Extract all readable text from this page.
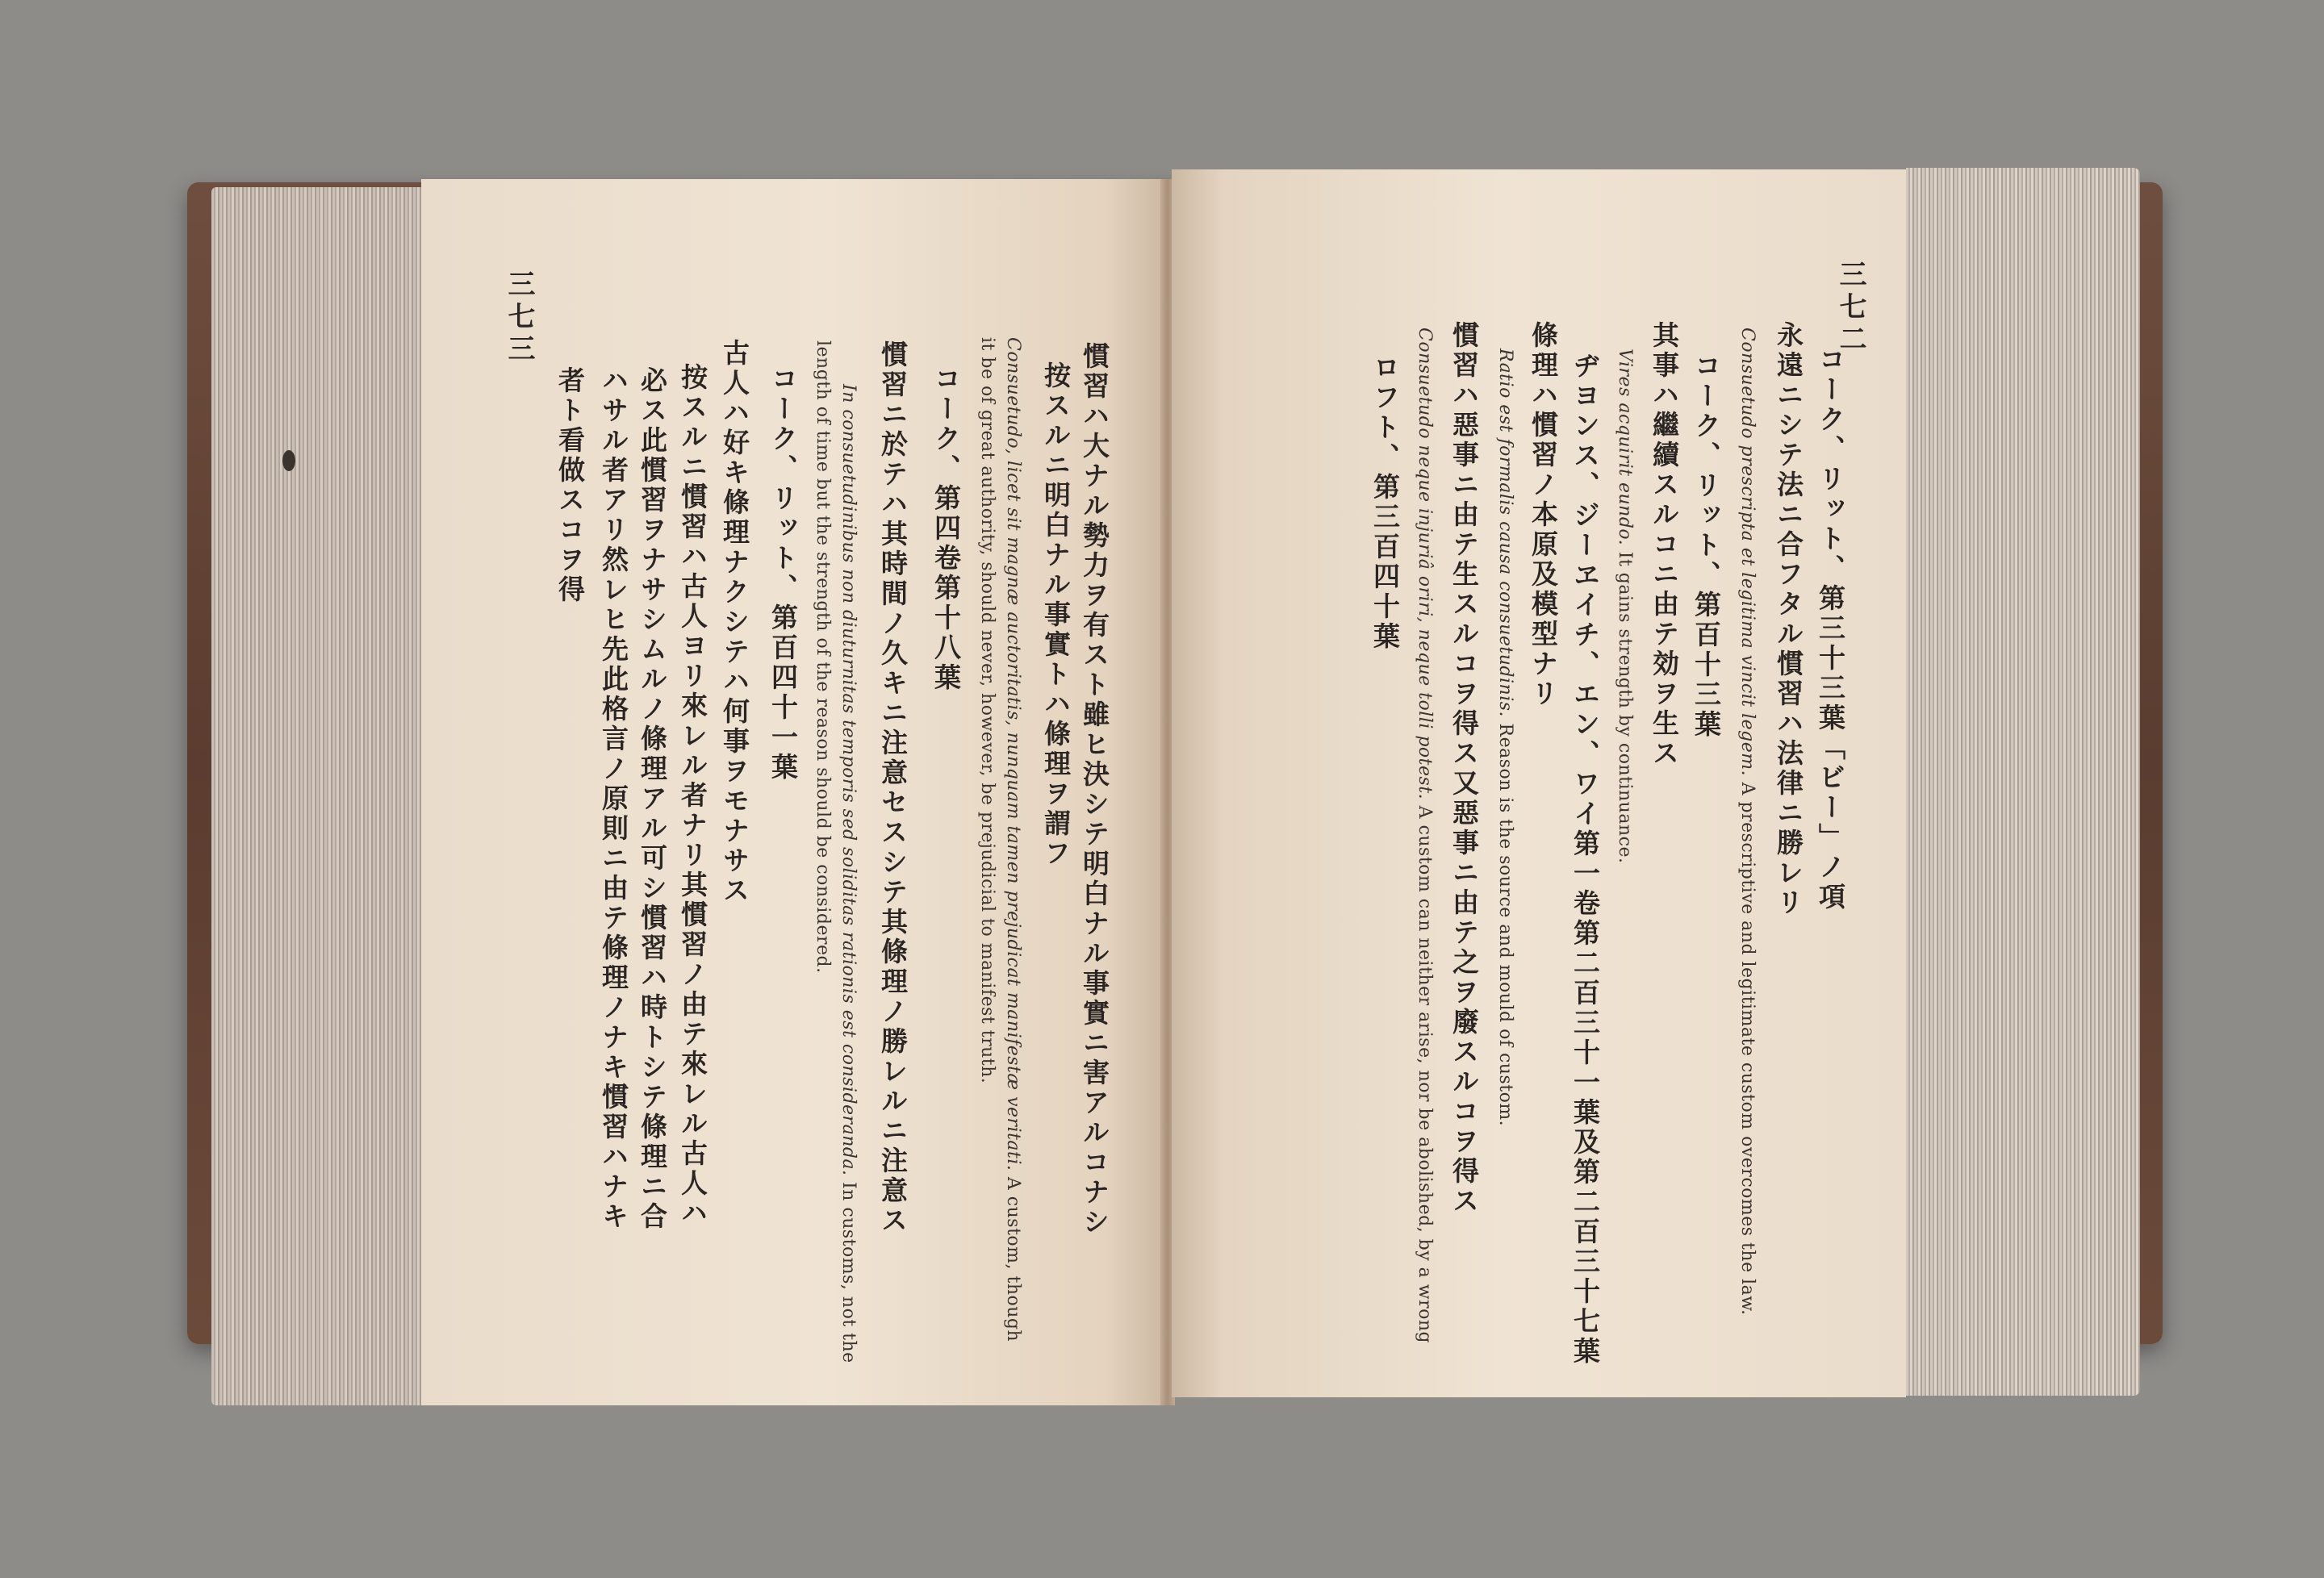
三七三
慣習ハ大ナル勢力ヲ有スト雖ヒ決シテ明白ナル事實ニ害アルコナシ
按スルニ明白ナル事實トハ條理ヲ謂フ
Consuetudo, licet sit magnæ auctoritatis, nunquam tamen prejudicat manifestæ veritati. A custom, though
it be of great authority, should never, however, be prejudicial to manifest truth.
コーク、第四卷第十八葉
慣習ニ於テハ其時間ノ久キニ注意セスシテ其條理ノ勝レルニ注意ス
In consuetudinibus non diuturnitas temporis sed soliditas rationis est consideranda. In customs, not the
length of time but the strength of the reason should be considered.
コーク、リット、第百四十一葉
古人ハ好キ條理ナクシテハ何事ヲモナサス
按スルニ慣習ハ古人ヨリ來レル者ナリ其慣習ノ由テ來レル古人ハ
必ス此慣習ヲナサシムルノ條理アル可シ慣習ハ時トシテ條理ニ合
ハサル者アリ然レヒ先此格言ノ原則ニ由テ條理ノナキ慣習ハナキ
者ト看做スコヲ得
三七二
コーク、リット、第三十三葉「ビー」ノ項
永遠ニシテ法ニ合フタル慣習ハ法律ニ勝レリ
Consuetudo prescripta et legitima vincit legem. A prescriptive and legitimate custom overcomes the law.
コーク、リット、第百十三葉
其事ハ繼續スルコニ由テ効ヲ生ス
Vires acquirit eundo. It gains strength by continuance.
ヂヨンス、ジーヱイチ、エン、ワイ第一卷第二百三十一葉及第二百三十七葉
條理ハ慣習ノ本原及模型ナリ
Ratio est formalis causa consuetudinis. Reason is the source and mould of custom.
慣習ハ惡事ニ由テ生スルコヲ得ス又惡事ニ由テ之ヲ廢スルコヲ得ス
Consuetudo neque injuriâ oriri, neque tolli potest. A custom can neither arise, nor be abolished, by a wrong
ロフト、第三百四十葉
